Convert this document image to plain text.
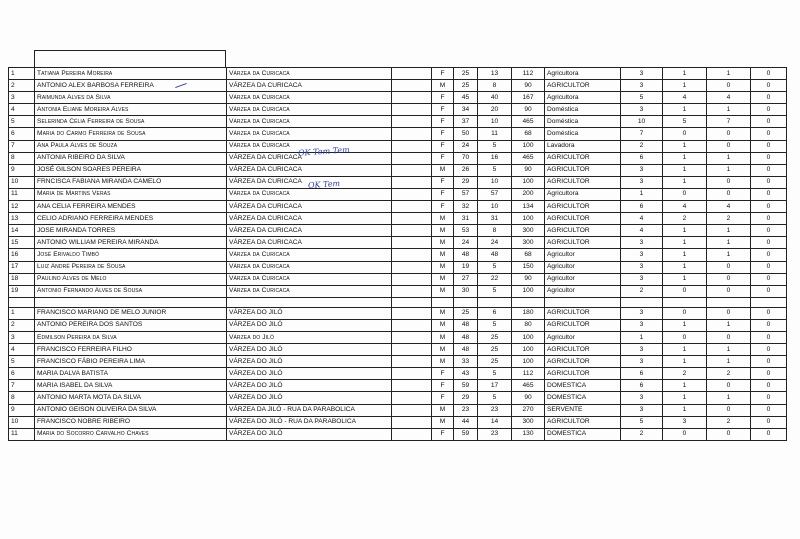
1	Tatiana Pereira Moreira	Várzea da Curicaca		F	25	13	112	Agricultora	3	1	1	0
2	ANTONIO ALEX BARBOSA FERREIRA	VÁRZEA DA CURICACA		M	25	8	90	AGRICULTOR	3	1	0	0
3	Raimunda Alves da Silva	Várzea da Curicaca		F	45	40	167	Agricultora	5	4	4	0
4	Antonia Eliane Moreira Alves	Várzea da Curicaca		F	34	20	90	Doméstica	3	1	1	0
5	Selerinda Célia Ferreira de Sousa	Várzea da Curicaca		F	37	10	465	Doméstica	10	5	7	0
6	Maria do Carmo Ferreira de Sousa	Várzea da Curicaca		F	50	11	68	Doméstica	7	0	0	0
7	Ana Paula Alves de Souza	Várzea da Curicaca		F	24	5	100	Lavadora	2	1	0	0
8	ANTONIA RIBEIRO DA SILVA	VÁRZEA DA CURICACA		F	70	16	465	AGRICULTOR	6	1	1	0
9	JOSÉ GILSON SOARES PEREIRA	VÁRZEA DA CURICACA		M	26	5	90	AGRICULTOR	3	1	1	0
10	FRNCISCA FABIANA MIRANDA CAMELO	VÁRZEA DA CURICACA		F	29	10	100	AGRICULTOR	3	1	0	0
11	Maria de Martins Veras	Várzea da Curicaca		F	57	57	200	Agricultora	1	0	0	0
12	ANA CELIA FERREIRA MENDES	VÁRZEA DA CURICACA		F	32	10	134	AGRICULTOR	6	4	4	0
13	CELIO ADRIANO FERREIRA MENDES	VÁRZEA DA CURICACA		M	31	31	100	AGRICULTOR	4	2	2	0
14	JOSE MIRANDA TORRES	VÁRZEA DA CURICACA		M	53	8	300	AGRICULTOR	4	1	1	0
15	ANTONIO WILLIAM PEREIRA MIRANDA	VÁRZEA DA CURICACA		M	24	24	300	AGRICULTOR	3	1	1	0
16	José Erivaldo Timbó	Várzea da Curicaca		M	48	48	68	Agricultor	3	1	1	0
17	Luiz André Pereira de Sousa	Várzea da Curicaca		M	19	5	150	Agricultor	3	1	0	0
18	Paulino Alves de Melo	Várzea da Curicaca		M	27	22	90	Agricultor	3	1	0	0
19	Antonio Fernando Alves de Sousa	Várzea da Curicaca		M	30	5	100	Agricultor	2	0	0	0

1	FRANCISCO MARIANO DE MELO JUNIOR	VÁRZEA DO JILÓ		M	25	6	180	AGRICULTOR	3	0	0	0
2	ANTONIO PEREIRA DOS SANTOS	VÁRZEA DO JILÓ		M	48	5	80	AGRICULTOR	3	1	1	0
3	Edmilson Pereira da Silva	Várzea do Jiló		M	48	25	100	Agricultor	1	0	0	0
4	FRANCISCO FERREIRA FILHO	VÁRZEA DO JILÓ		M	48	25	100	AGRICULTOR	3	1	1	0
5	FRANCISCO FÁBIO PEREIRA LIMA	VÁRZEA DO JILÓ		M	33	25	100	AGRICULTOR	3	1	1	0
6	MARIA DALVA BATISTA	VÁRZEA DO JILÓ		F	43	5	112	AGRICULTOR	6	2	2	0
7	MARIA ISABEL DA SILVA	VÁRZEA DO JILÓ		F	59	17	465	DOMESTICA	6	1	0	0
8	ANTONIO MARTA MOTA DA SILVA	VÁRZEA DO JILÓ		F	29	5	90	DOMESTICA	3	1	1	0
9	ANTONIO GEISON OLIVEIRA DA SILVA	VÁRZEA DA JILÓ - RUA DA PARABOLICA		M	23	23	270	SERVENTE	3	1	0	0
10	FRANCISCO NOBRE RIBEIRO	VÁRZEA DO JILÓ - RUA DA PARABOLICA		M	44	14	300	AGRICULTOR	5	3	2	0
11	Maria do Socorro Carvalho Chaves	VÁRZEA DO JILÓ		F	59	23	130	DOMESTICA	2	0	0	0
OK Tem Tem
OK Tem
